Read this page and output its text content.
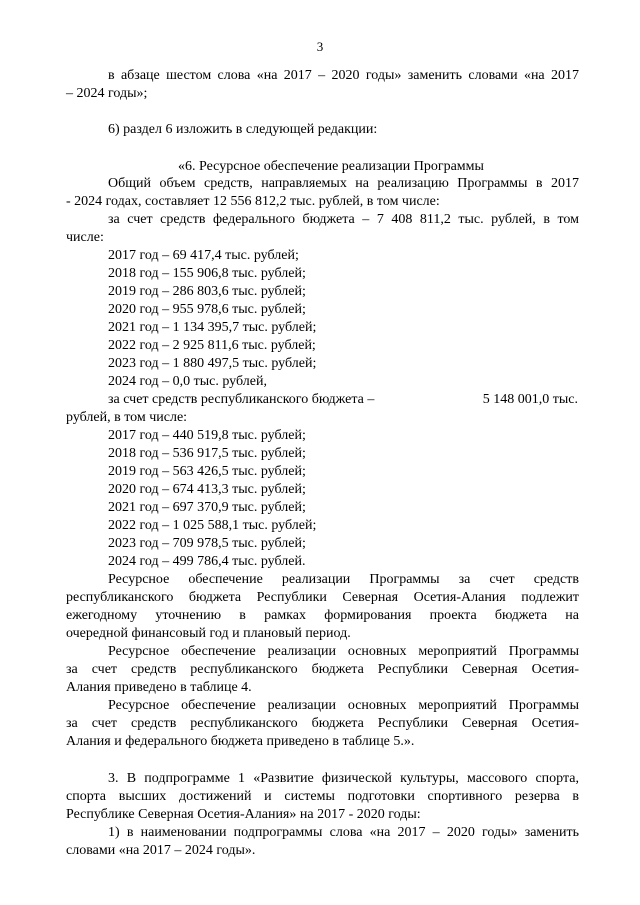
3
в абзаце шестом слова «на 2017 – 2020 годы» заменить словами «на 2017
– 2024 годы»;
6) раздел 6 изложить в следующей редакции:
«6. Ресурсное обеспечение реализации Программы
Общий объем средств, направляемых на реализацию Программы в 2017
- 2024 годах, составляет 12 556 812,2 тыс. рублей, в том числе:
за счет средств федерального бюджета – 7 408 811,2 тыс. рублей, в том
числе:
2017 год – 69 417,4 тыс. рублей;
2018 год – 155 906,8 тыс. рублей;
2019 год – 286 803,6 тыс. рублей;
2020 год – 955 978,6 тыс. рублей;
2021 год – 1 134 395,7 тыс. рублей;
2022 год – 2 925 811,6 тыс. рублей;
2023 год – 1 880 497,5 тыс. рублей;
2024 год – 0,0 тыс. рублей,
за счет средств республиканского бюджета –	5 148 001,0 тыс.
рублей, в том числе:
2017 год – 440 519,8 тыс. рублей;
2018 год – 536 917,5 тыс. рублей;
2019 год – 563 426,5 тыс. рублей;
2020 год – 674 413,3 тыс. рублей;
2021 год – 697 370,9 тыс. рублей;
2022 год – 1 025 588,1 тыс. рублей;
2023 год – 709 978,5 тыс. рублей;
2024 год – 499 786,4 тыс. рублей.
Ресурсное обеспечение реализации Программы за счет средств
республиканского бюджета Республики Северная Осетия-Алания подлежит
ежегодному уточнению в рамках формирования проекта бюджета на
очередной финансовый год и плановый период.
Ресурсное обеспечение реализации основных мероприятий Программы
за счет средств республиканского бюджета Республики Северная Осетия-
Алания приведено в таблице 4.
Ресурсное обеспечение реализации основных мероприятий Программы
за счет средств республиканского бюджета Республики Северная Осетия-
Алания и федерального бюджета приведено в таблице 5.».
3. В подпрограмме 1 «Развитие физической культуры, массового спорта,
спорта высших достижений и системы подготовки спортивного резерва в
Республике Северная Осетия-Алания» на 2017 - 2020 годы:
1) в наименовании подпрограммы слова «на 2017 – 2020 годы» заменить
словами «на 2017 – 2024 годы».
